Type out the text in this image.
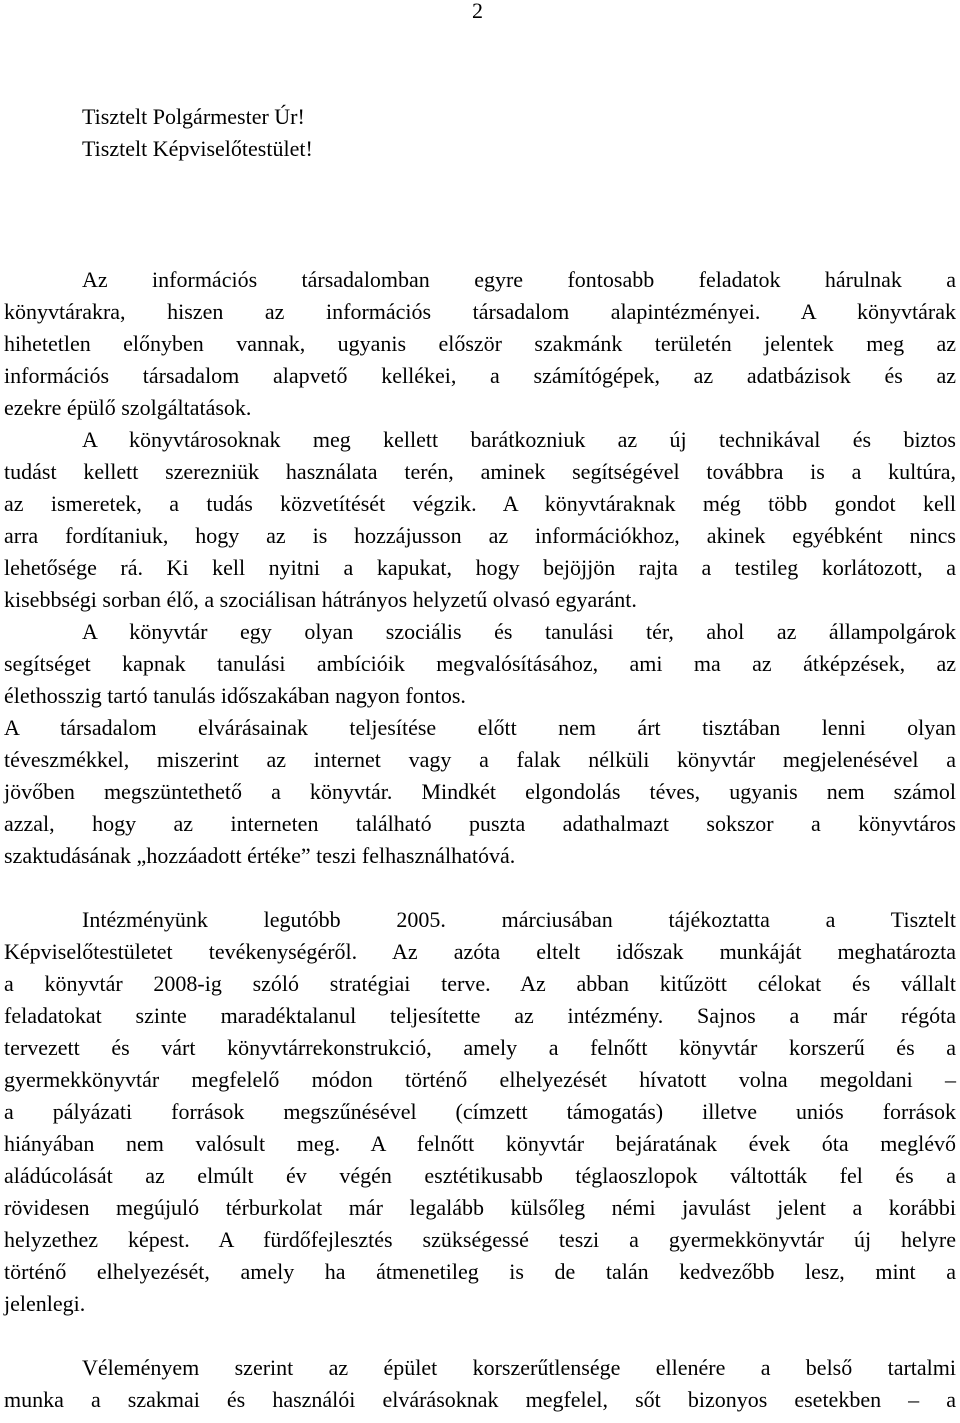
2
Tisztelt Polgármester Úr!
Tisztelt Képviselőtestület!
Az információs társadalomban egyre fontosabb feladatok hárulnak a
könyvtárakra, hiszen az információs társadalom alapintézményei. A könyvtárak
hihetetlen előnyben vannak, ugyanis először szakmánk területén jelentek meg az
információs társadalom alapvető kellékei, a számítógépek, az adatbázisok és az
ezekre épülő szolgáltatások.
A könyvtárosoknak meg kellett barátkozniuk az új technikával és biztos
tudást kellett szerezniük használata terén, aminek segítségével továbbra is a kultúra,
az ismeretek, a tudás közvetítését végzik. A könyvtáraknak még több gondot kell
arra fordítaniuk, hogy az is hozzájusson az információkhoz, akinek egyébként nincs
lehetősége rá. Ki kell nyitni a kapukat, hogy bejöjjön rajta a testileg korlátozott, a
kisebbségi sorban élő, a szociálisan hátrányos helyzetű olvasó egyaránt.
A könyvtár egy olyan szociális és tanulási tér, ahol az állampolgárok
segítséget kapnak tanulási ambícióik megvalósításához, ami ma az átképzések, az
élethosszig tartó tanulás időszakában nagyon fontos.
A társadalom elvárásainak teljesítése előtt nem árt tisztában lenni olyan
téveszmékkel, miszerint az internet vagy a falak nélküli könyvtár megjelenésével a
jövőben megszüntethető a könyvtár. Mindkét elgondolás téves, ugyanis nem számol
azzal, hogy az interneten található puszta adathalmazt sokszor a könyvtáros
szaktudásának „hozzáadott értéke” teszi felhasználhatóvá.
Intézményünk legutóbb 2005. márciusában tájékoztatta a Tisztelt
Képviselőtestületet tevékenységéről. Az azóta eltelt időszak munkáját meghatározta
a könyvtár 2008-ig szóló stratégiai terve. Az abban kitűzött célokat és vállalt
feladatokat szinte maradéktalanul teljesítette az intézmény. Sajnos a már régóta
tervezett és várt könyvtárrekonstrukció, amely a felnőtt könyvtár korszerű és a
gyermekkönyvtár megfelelő módon történő elhelyezését hívatott volna megoldani –
a pályázati források megszűnésével (címzett támogatás) illetve uniós források
hiányában nem valósult meg. A felnőtt könyvtár bejáratának évek óta meglévő
aládúcolását az elmúlt év végén esztétikusabb téglaoszlopok váltották fel és a
rövidesen megújuló térburkolat már legalább külsőleg némi javulást jelent a korábbi
helyzethez képest. A fürdőfejlesztés szükségessé teszi a gyermekkönyvtár új helyre
történő elhelyezését, amely ha átmenetileg is de talán kedvezőbb lesz, mint a
jelenlegi.
Véleményem szerint az épület korszerűtlensége ellenére a belső tartalmi
munka a szakmai és használói elvárásoknak megfelel, sőt bizonyos esetekben – a
